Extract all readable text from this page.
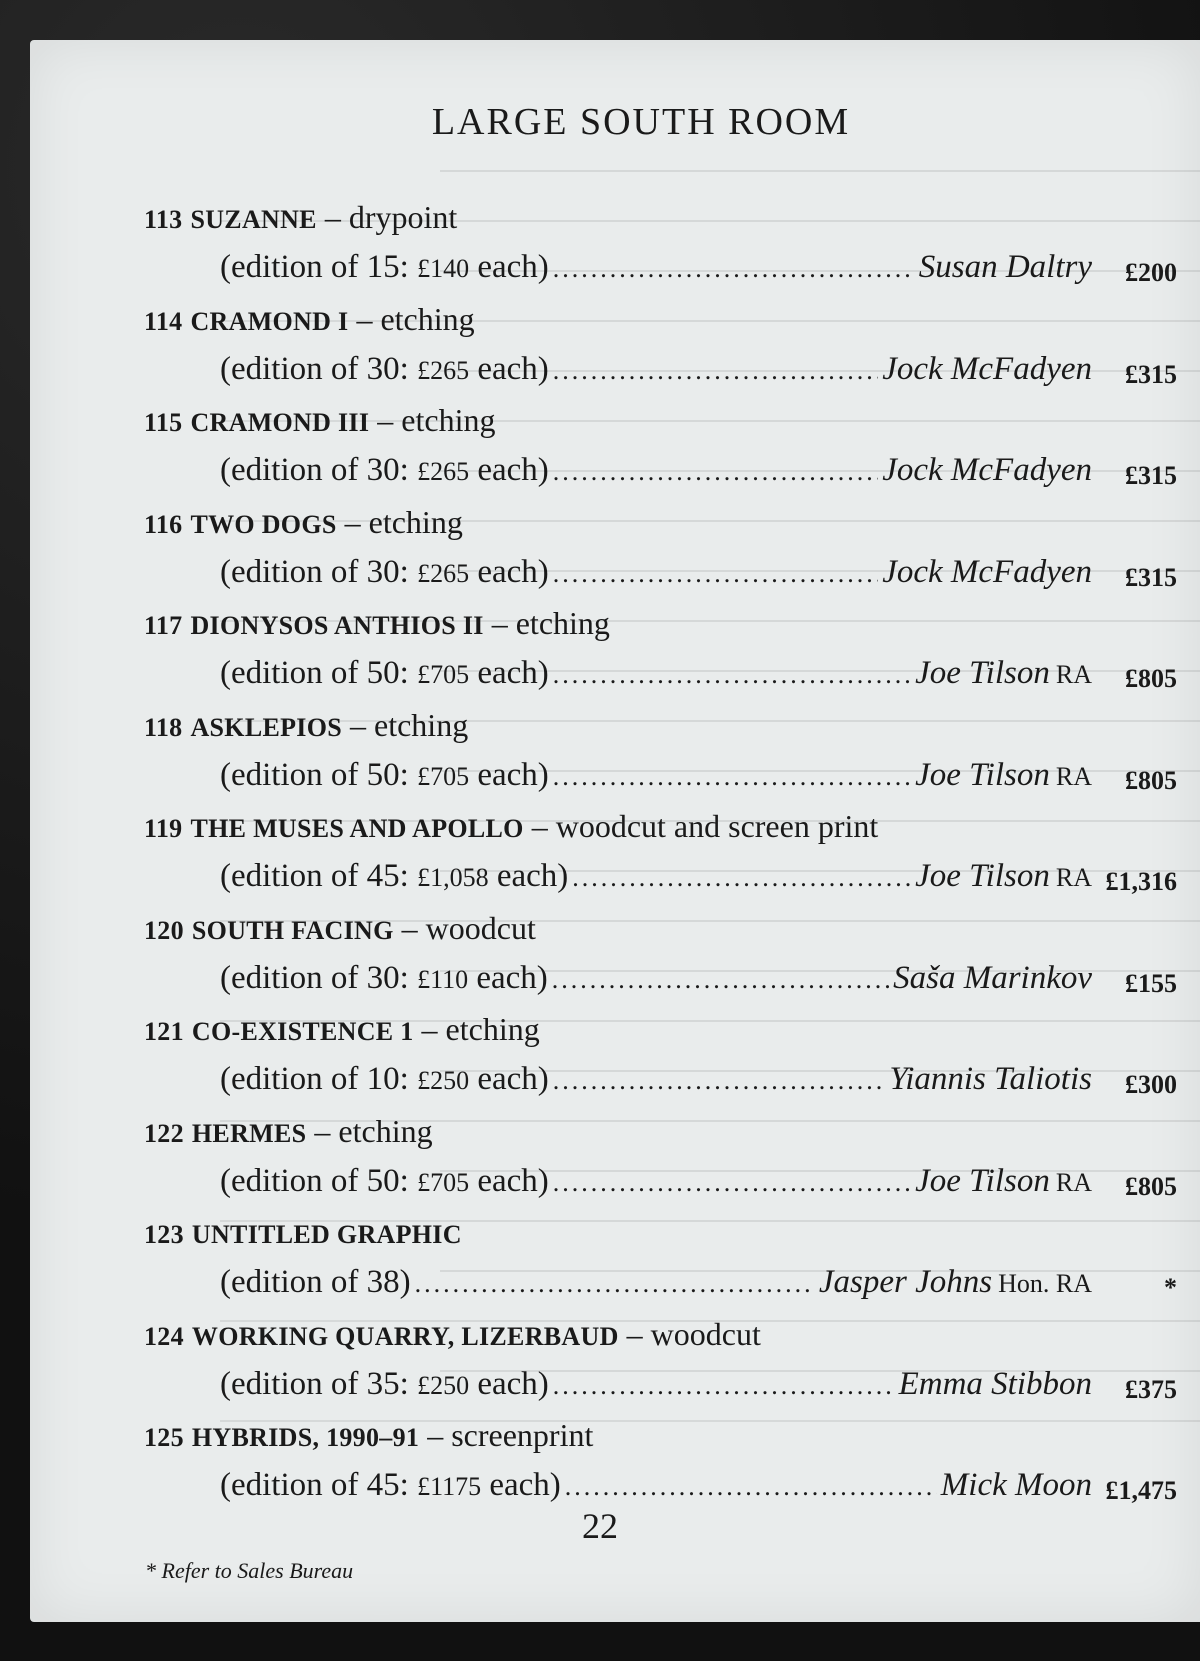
LARGE SOUTH ROOM
113 SUZANNE – drypoint
(edition of 15: £140 each) .....	Susan Daltry £200
114 CRAMOND I – etching
(edition of 30: £265 each) .....	Jock McFadyen £315
115 CRAMOND III – etching
(edition of 30: £265 each) .....	Jock McFadyen £315
116 TWO DOGS – etching
(edition of 30: £265 each) .....	Jock McFadyen £315
117 DIONYSOS ANTHIOS II – etching
(edition of 50: £705 each) .....	Joe Tilson RA £805
118 ASKLEPIOS – etching
(edition of 50: £705 each) .....	Joe Tilson RA £805
119 THE MUSES AND APOLLO – woodcut and screen print
(edition of 45: £1,058 each) .....	Joe Tilson RA £1,316
120 SOUTH FACING – woodcut
(edition of 30: £110 each) .....	Saša Marinkov £155
121 CO-EXISTENCE 1 – etching
(edition of 10: £250 each) .....	Yiannis Taliotis £300
122 HERMES – etching
(edition of 50: £705 each) .....	Joe Tilson RA £805
123 UNTITLED GRAPHIC
(edition of 38) .....	Jasper Johns Hon. RA	*
124 WORKING QUARRY, LIZERBAUD – woodcut
(edition of 35: £250 each) .....	Emma Stibbon £375
125 HYBRIDS, 1990–91 – screenprint
(edition of 45: £1175 each) .....	Mick Moon £1,475
* Refer to Sales Bureau
22
